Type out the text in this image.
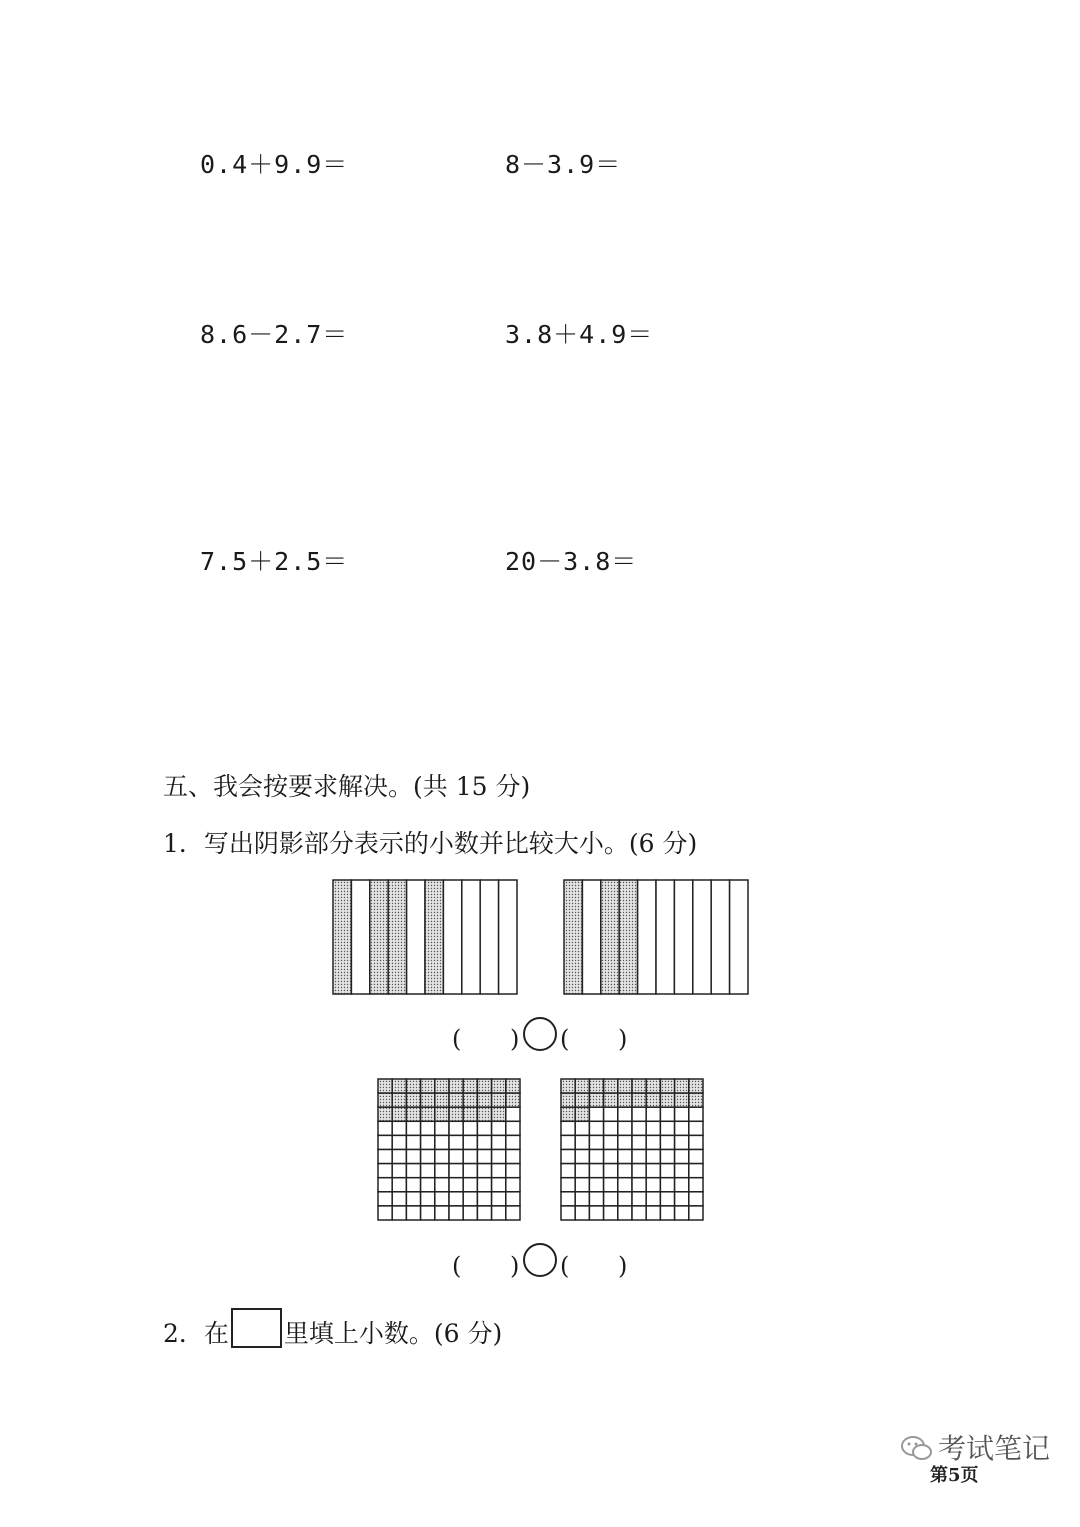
0.4＋9.9＝	8－3.9＝
8.6－2.7＝	3.8＋4.9＝
7.5＋2.5＝	20－3.8＝
五、我会按要求解决。(共 15 分)
1．写出阴影部分表示的小数并比较大小。(6 分)
( ) ( )
( ) ( )
2．在 里填上小数。(6 分)
考试笔记
第5页
